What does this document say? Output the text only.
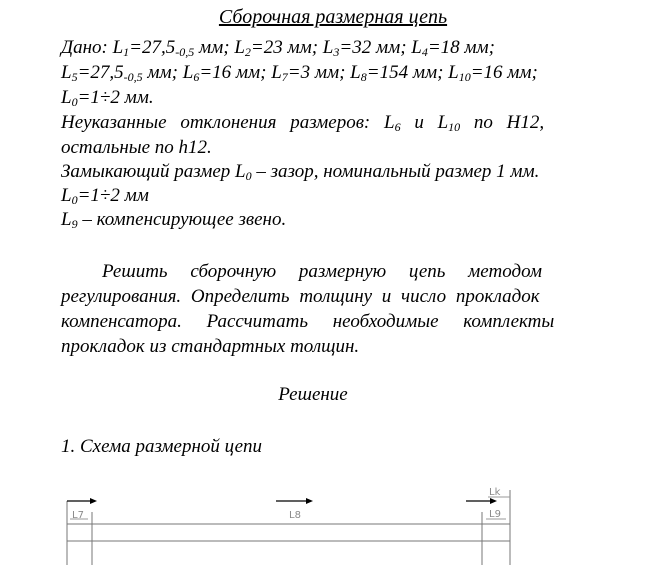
Сборочная размерная цепь
Дано: $L_1=27,5_{-0,5}$ мм; $L_2=23$ мм; $L_3=32$ мм; $L_4=18$ мм;
$L_5=27,5_{-0,5}$ мм; $L_6=16$ мм; $L_7=3$ мм; $L_8=154$ мм; $L_{10}=16$ мм;
$L_0=1\div 2$ мм.
Неуказанные отклонения размеров: $L_6$ и $L_{10}$ по Н12,
остальные по h12.
Замыкающий размер $L_0$ – зазор, номинальный размер 1 мм.
$L_0=1\div 2$ мм
$L_9$ – компенсирующее звено.
Решить сборочную размерную цепь методом
регулирования. Определить толщину и число прокладок
компенсатора. Рассчитать необходимые комплекты
прокладок из стандартных толщин.
Решение
1. Схема размерной цепи
Lk
L7	L8	L9
